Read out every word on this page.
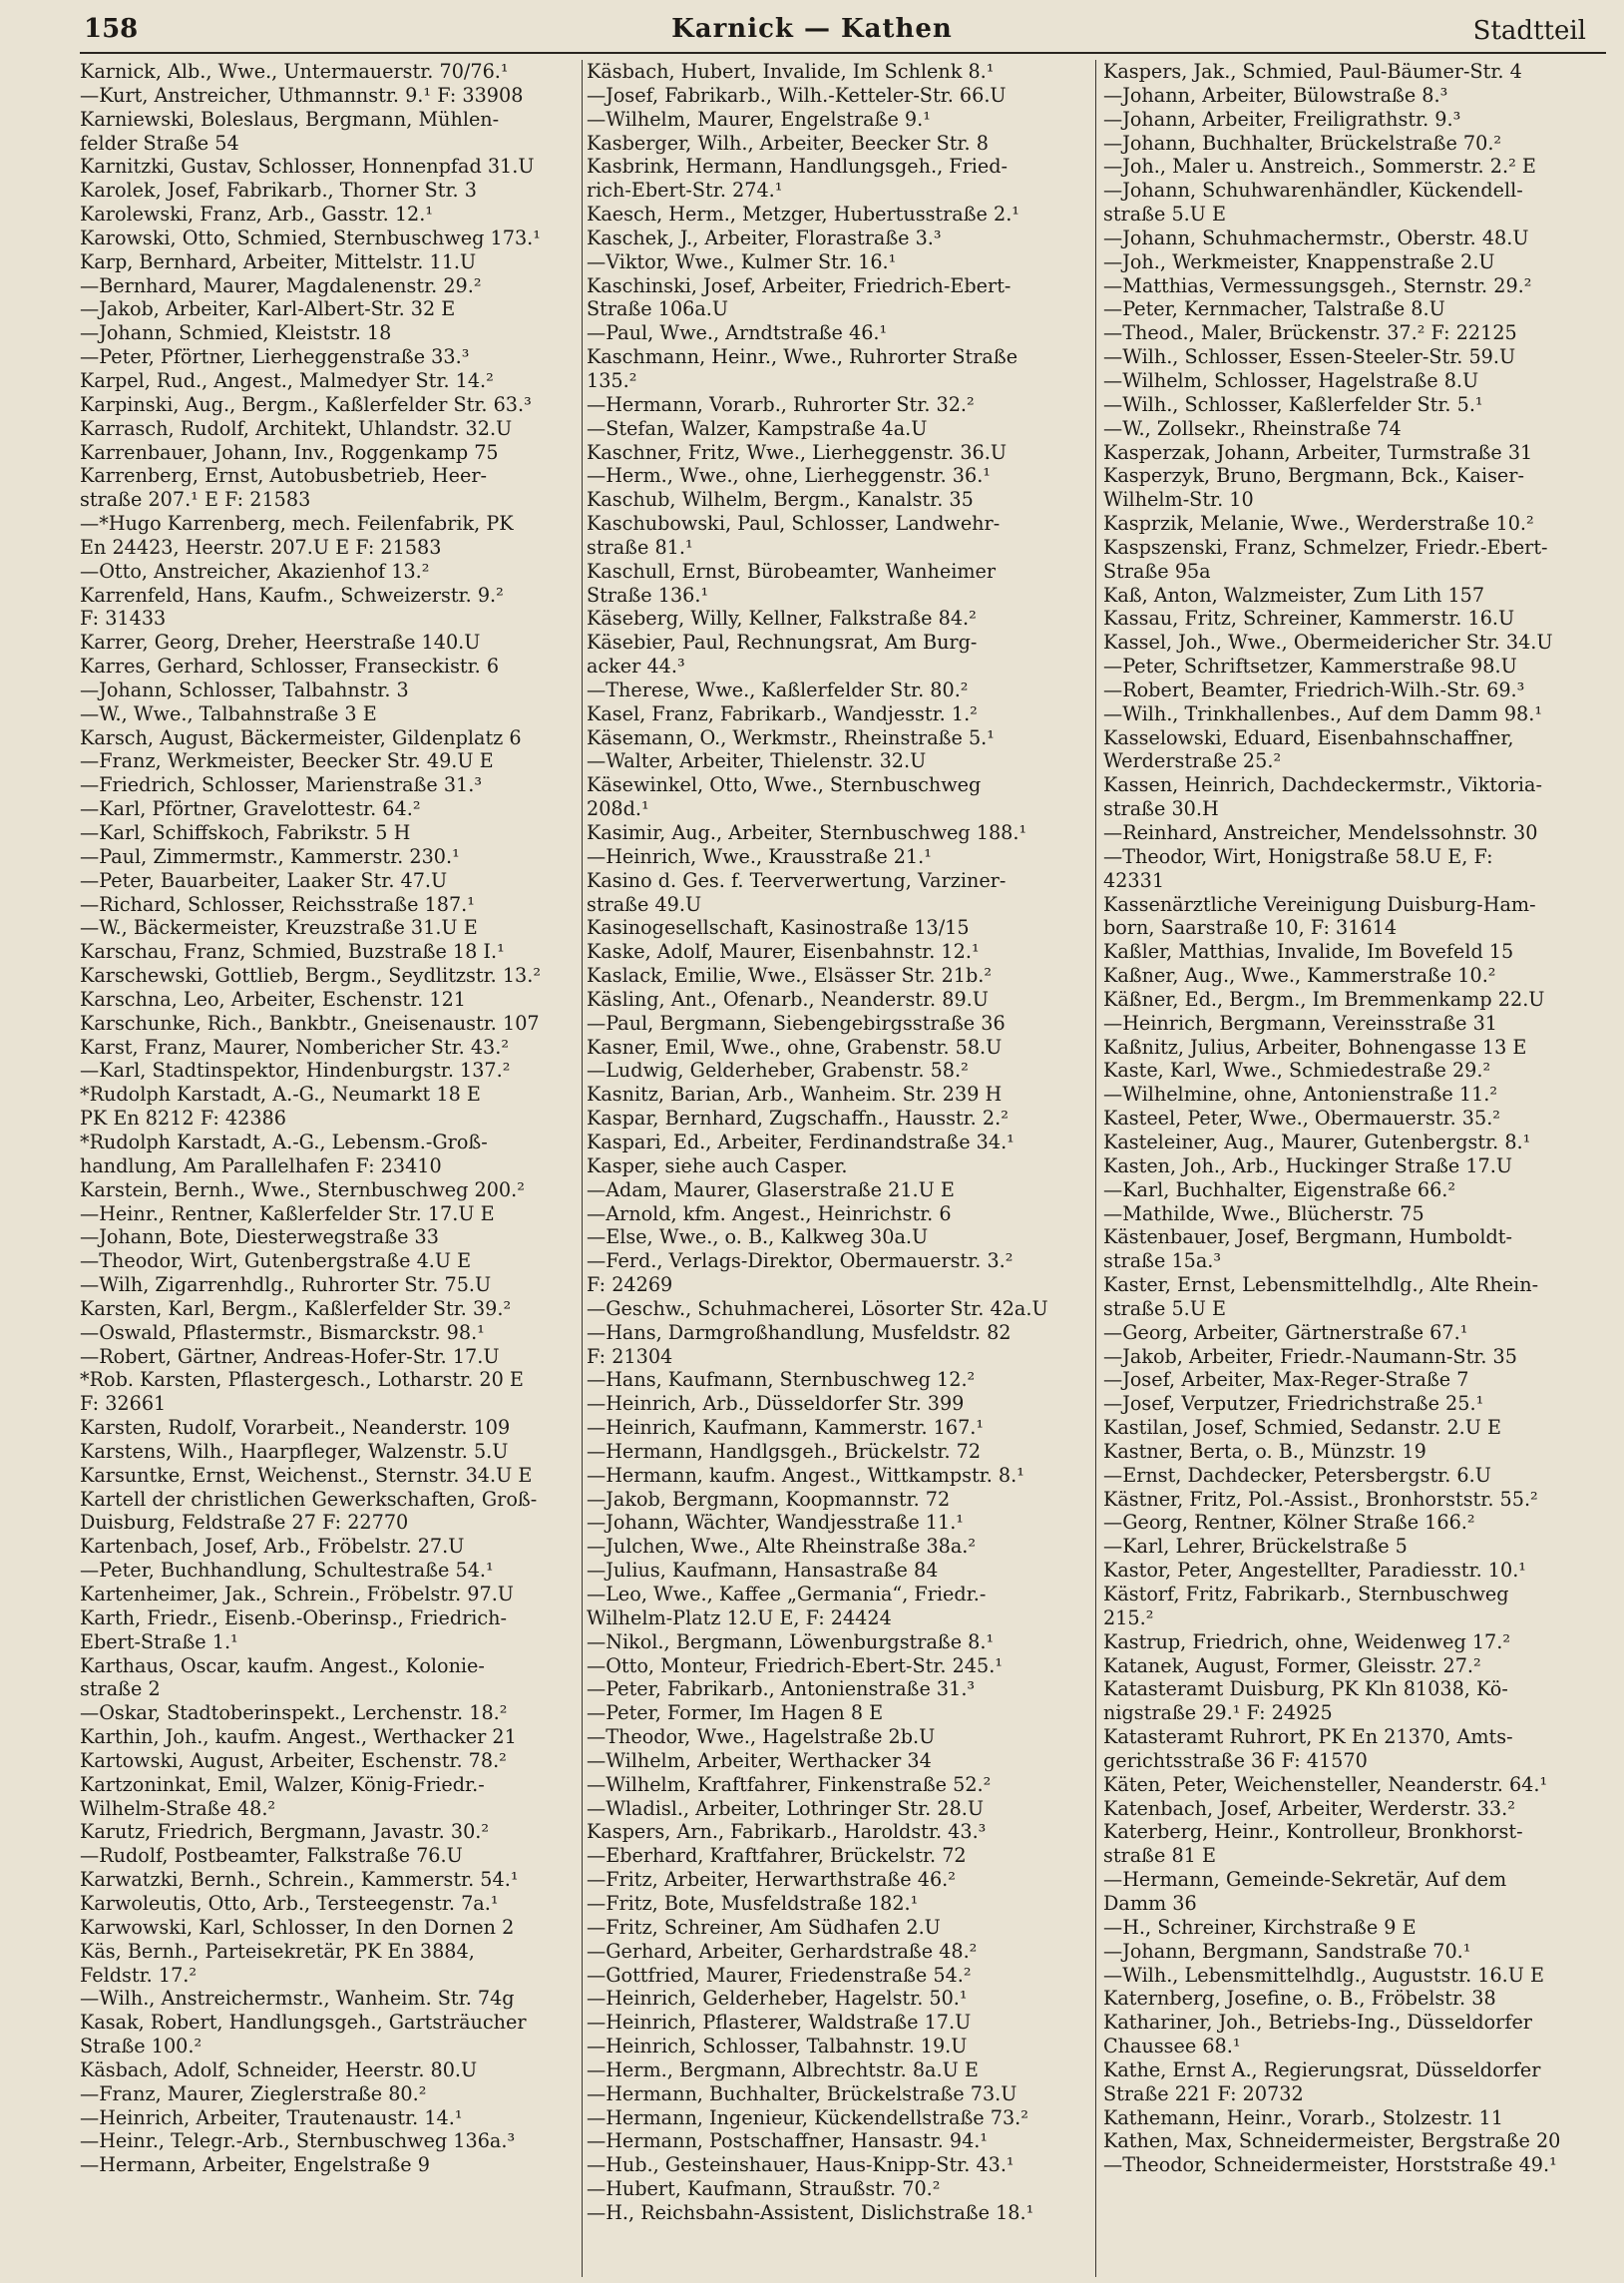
158	Karnick — Kathen	Stadtteil
Karnick, Alb., Wwe., Untermauerstr. 70/76.¹
—Kurt, Anstreicher, Uthmannstr. 9.¹ F: 33908
Karniewski, Boleslaus, Bergmann, Mühlen-
felder Straße 54
Karnitzki, Gustav, Schlosser, Honnenpfad 31.U
Karolek, Josef, Fabrikarb., Thorner Str. 3
Karolewski, Franz, Arb., Gasstr. 12.¹
Karowski, Otto, Schmied, Sternbuschweg 173.¹
Karp, Bernhard, Arbeiter, Mittelstr. 11.U
—Bernhard, Maurer, Magdalenenstr. 29.²
—Jakob, Arbeiter, Karl-Albert-Str. 32 E
—Johann, Schmied, Kleiststr. 18
—Peter, Pförtner, Lierheggenstraße 33.³
Karpel, Rud., Angest., Malmedyer Str. 14.²
Karpinski, Aug., Bergm., Kaßlerfelder Str. 63.³
Karrasch, Rudolf, Architekt, Uhlandstr. 32.U
Karrenbauer, Johann, Inv., Roggenkamp 75
Karrenberg, Ernst, Autobusbetrieb, Heer-
straße 207.¹ E F: 21583
—*Hugo Karrenberg, mech. Feilenfabrik, PK
En 24423, Heerstr. 207.U E F: 21583
—Otto, Anstreicher, Akazienhof 13.²
Karrenfeld, Hans, Kaufm., Schweizerstr. 9.²
F: 31433
Karrer, Georg, Dreher, Heerstraße 140.U
Karres, Gerhard, Schlosser, Franseckistr. 6
—Johann, Schlosser, Talbahnstr. 3
—W., Wwe., Talbahnstraße 3 E
Karsch, August, Bäckermeister, Gildenplatz 6
—Franz, Werkmeister, Beecker Str. 49.U E
—Friedrich, Schlosser, Marienstraße 31.³
—Karl, Pförtner, Gravelottestr. 64.²
—Karl, Schiffskoch, Fabrikstr. 5 H
—Paul, Zimmermstr., Kammerstr. 230.¹
—Peter, Bauarbeiter, Laaker Str. 47.U
—Richard, Schlosser, Reichsstraße 187.¹
—W., Bäckermeister, Kreuzstraße 31.U E
Karschau, Franz, Schmied, Buzstraße 18 I.¹
Karschewski, Gottlieb, Bergm., Seydlitzstr. 13.²
Karschna, Leo, Arbeiter, Eschenstr. 121
Karschunke, Rich., Bankbtr., Gneisenaustr. 107
Karst, Franz, Maurer, Nombericher Str. 43.²
—Karl, Stadtinspektor, Hindenburgstr. 137.²
*Rudolph Karstadt, A.-G., Neumarkt 18 E
PK En 8212 F: 42386
*Rudolph Karstadt, A.-G., Lebensm.-Groß-
handlung, Am Parallelhafen F: 23410
Karstein, Bernh., Wwe., Sternbuschweg 200.²
—Heinr., Rentner, Kaßlerfelder Str. 17.U E
—Johann, Bote, Diesterwegstraße 33
—Theodor, Wirt, Gutenbergstraße 4.U E
—Wilh, Zigarrenhdlg., Ruhrorter Str. 75.U
Karsten, Karl, Bergm., Kaßlerfelder Str. 39.²
—Oswald, Pflastermstr., Bismarckstr. 98.¹
—Robert, Gärtner, Andreas-Hofer-Str. 17.U
*Rob. Karsten, Pflastergesch., Lotharstr. 20 E
F: 32661
Karsten, Rudolf, Vorarbeit., Neanderstr. 109
Karstens, Wilh., Haarpfleger, Walzenstr. 5.U
Karsuntke, Ernst, Weichenst., Sternstr. 34.U E
Kartell der christlichen Gewerkschaften, Groß-
Duisburg, Feldstraße 27 F: 22770
Kartenbach, Josef, Arb., Fröbelstr. 27.U
—Peter, Buchhandlung, Schultestraße 54.¹
Kartenheimer, Jak., Schrein., Fröbelstr. 97.U
Karth, Friedr., Eisenb.-Oberinsp., Friedrich-
Ebert-Straße 1.¹
Karthaus, Oscar, kaufm. Angest., Kolonie-
straße 2
—Oskar, Stadtoberinspekt., Lerchenstr. 18.²
Karthin, Joh., kaufm. Angest., Werthacker 21
Kartowski, August, Arbeiter, Eschenstr. 78.²
Kartzoninkat, Emil, Walzer, König-Friedr.-
Wilhelm-Straße 48.²
Karutz, Friedrich, Bergmann, Javastr. 30.²
—Rudolf, Postbeamter, Falkstraße 76.U
Karwatzki, Bernh., Schrein., Kammerstr. 54.¹
Karwoleutis, Otto, Arb., Tersteegenstr. 7a.¹
Karwowski, Karl, Schlosser, In den Dornen 2
Käs, Bernh., Parteisekretär, PK En 3884,
Feldstr. 17.²
—Wilh., Anstreichermstr., Wanheim. Str. 74g
Kasak, Robert, Handlungsgeh., Gartsträucher
Straße 100.²
Käsbach, Adolf, Schneider, Heerstr. 80.U
—Franz, Maurer, Zieglerstraße 80.²
—Heinrich, Arbeiter, Trautenaustr. 14.¹
—Heinr., Telegr.-Arb., Sternbuschweg 136a.³
—Hermann, Arbeiter, Engelstraße 9
Käsbach, Hubert, Invalide, Im Schlenk 8.¹
—Josef, Fabrikarb., Wilh.-Ketteler-Str. 66.U
—Wilhelm, Maurer, Engelstraße 9.¹
Kasberger, Wilh., Arbeiter, Beecker Str. 8
Kasbrink, Hermann, Handlungsgeh., Fried-
rich-Ebert-Str. 274.¹
Kaesch, Herm., Metzger, Hubertusstraße 2.¹
Kaschek, J., Arbeiter, Florastraße 3.³
—Viktor, Wwe., Kulmer Str. 16.¹
Kaschinski, Josef, Arbeiter, Friedrich-Ebert-
Straße 106a.U
—Paul, Wwe., Arndtstraße 46.¹
Kaschmann, Heinr., Wwe., Ruhrorter Straße
135.²
—Hermann, Vorarb., Ruhrorter Str. 32.²
—Stefan, Walzer, Kampstraße 4a.U
Kaschner, Fritz, Wwe., Lierheggenstr. 36.U
—Herm., Wwe., ohne, Lierheggenstr. 36.¹
Kaschub, Wilhelm, Bergm., Kanalstr. 35
Kaschubowski, Paul, Schlosser, Landwehr-
straße 81.¹
Kaschull, Ernst, Bürobeamter, Wanheimer
Straße 136.¹
Käseberg, Willy, Kellner, Falkstraße 84.²
Käsebier, Paul, Rechnungsrat, Am Burg-
acker 44.³
—Therese, Wwe., Kaßlerfelder Str. 80.²
Kasel, Franz, Fabrikarb., Wandjesstr. 1.²
Käsemann, O., Werkmstr., Rheinstraße 5.¹
—Walter, Arbeiter, Thielenstr. 32.U
Käsewinkel, Otto, Wwe., Sternbuschweg
208d.¹
Kasimir, Aug., Arbeiter, Sternbuschweg 188.¹
—Heinrich, Wwe., Krausstraße 21.¹
Kasino d. Ges. f. Teerverwertung, Varziner-
straße 49.U
Kasinogesellschaft, Kasinostraße 13/15
Kaske, Adolf, Maurer, Eisenbahnstr. 12.¹
Kaslack, Emilie, Wwe., Elsässer Str. 21b.²
Käsling, Ant., Ofenarb., Neanderstr. 89.U
—Paul, Bergmann, Siebengebirgsstraße 36
Kasner, Emil, Wwe., ohne, Grabenstr. 58.U
—Ludwig, Gelderheber, Grabenstr. 58.²
Kasnitz, Barian, Arb., Wanheim. Str. 239 H
Kaspar, Bernhard, Zugschaffn., Hausstr. 2.²
Kaspari, Ed., Arbeiter, Ferdinandstraße 34.¹
Kasper, siehe auch Casper.
—Adam, Maurer, Glaserstraße 21.U E
—Arnold, kfm. Angest., Heinrichstr. 6
—Else, Wwe., o. B., Kalkweg 30a.U
—Ferd., Verlags-Direktor, Obermauerstr. 3.²
F: 24269
—Geschw., Schuhmacherei, Lösorter Str. 42a.U
—Hans, Darmgroßhandlung, Musfeldstr. 82
F: 21304
—Hans, Kaufmann, Sternbuschweg 12.²
—Heinrich, Arb., Düsseldorfer Str. 399
—Heinrich, Kaufmann, Kammerstr. 167.¹
—Hermann, Handlgsgeh., Brückelstr. 72
—Hermann, kaufm. Angest., Wittkampstr. 8.¹
—Jakob, Bergmann, Koopmannstr. 72
—Johann, Wächter, Wandjesstraße 11.¹
—Julchen, Wwe., Alte Rheinstraße 38a.²
—Julius, Kaufmann, Hansastraße 84
—Leo, Wwe., Kaffee „Germania“, Friedr.-
Wilhelm-Platz 12.U E, F: 24424
—Nikol., Bergmann, Löwenburgstraße 8.¹
—Otto, Monteur, Friedrich-Ebert-Str. 245.¹
—Peter, Fabrikarb., Antonienstraße 31.³
—Peter, Former, Im Hagen 8 E
—Theodor, Wwe., Hagelstraße 2b.U
—Wilhelm, Arbeiter, Werthacker 34
—Wilhelm, Kraftfahrer, Finkenstraße 52.²
—Wladisl., Arbeiter, Lothringer Str. 28.U
Kaspers, Arn., Fabrikarb., Haroldstr. 43.³
—Eberhard, Kraftfahrer, Brückelstr. 72
—Fritz, Arbeiter, Herwarthstraße 46.²
—Fritz, Bote, Musfeldstraße 182.¹
—Fritz, Schreiner, Am Südhafen 2.U
—Gerhard, Arbeiter, Gerhardstraße 48.²
—Gottfried, Maurer, Friedenstraße 54.²
—Heinrich, Gelderheber, Hagelstr. 50.¹
—Heinrich, Pflasterer, Waldstraße 17.U
—Heinrich, Schlosser, Talbahnstr. 19.U
—Herm., Bergmann, Albrechtstr. 8a.U E
—Hermann, Buchhalter, Brückelstraße 73.U
—Hermann, Ingenieur, Kückendellstraße 73.²
—Hermann, Postschaffner, Hansastr. 94.¹
—Hub., Gesteinshauer, Haus-Knipp-Str. 43.¹
—Hubert, Kaufmann, Straußstr. 70.²
—H., Reichsbahn-Assistent, Dislichstraße 18.¹
Kaspers, Jak., Schmied, Paul-Bäumer-Str. 4
—Johann, Arbeiter, Bülowstraße 8.³
—Johann, Arbeiter, Freiligrathstr. 9.³
—Johann, Buchhalter, Brückelstraße 70.²
—Joh., Maler u. Anstreich., Sommerstr. 2.² E
—Johann, Schuhwarenhändler, Kückendell-
straße 5.U E
—Johann, Schuhmachermstr., Oberstr. 48.U
—Joh., Werkmeister, Knappenstraße 2.U
—Matthias, Vermessungsgeh., Sternstr. 29.²
—Peter, Kernmacher, Talstraße 8.U
—Theod., Maler, Brückenstr. 37.² F: 22125
—Wilh., Schlosser, Essen-Steeler-Str. 59.U
—Wilhelm, Schlosser, Hagelstraße 8.U
—Wilh., Schlosser, Kaßlerfelder Str. 5.¹
—W., Zollsekr., Rheinstraße 74
Kasperzak, Johann, Arbeiter, Turmstraße 31
Kasperzyk, Bruno, Bergmann, Bck., Kaiser-
Wilhelm-Str. 10
Kasprzik, Melanie, Wwe., Werderstraße 10.²
Kaspszenski, Franz, Schmelzer, Friedr.-Ebert-
Straße 95a
Kaß, Anton, Walzmeister, Zum Lith 157
Kassau, Fritz, Schreiner, Kammerstr. 16.U
Kassel, Joh., Wwe., Obermeidericher Str. 34.U
—Peter, Schriftsetzer, Kammerstraße 98.U
—Robert, Beamter, Friedrich-Wilh.-Str. 69.³
—Wilh., Trinkhallenbes., Auf dem Damm 98.¹
Kasselowski, Eduard, Eisenbahnschaffner,
Werderstraße 25.²
Kassen, Heinrich, Dachdeckermstr., Viktoria-
straße 30.H
—Reinhard, Anstreicher, Mendelssohnstr. 30
—Theodor, Wirt, Honigstraße 58.U E, F:
42331
Kassenärztliche Vereinigung Duisburg-Ham-
born, Saarstraße 10, F: 31614
Kaßler, Matthias, Invalide, Im Bovefeld 15
Kaßner, Aug., Wwe., Kammerstraße 10.²
Käßner, Ed., Bergm., Im Bremmenkamp 22.U
—Heinrich, Bergmann, Vereinsstraße 31
Kaßnitz, Julius, Arbeiter, Bohnengasse 13 E
Kaste, Karl, Wwe., Schmiedestraße 29.²
—Wilhelmine, ohne, Antonienstraße 11.²
Kasteel, Peter, Wwe., Obermauerstr. 35.²
Kasteleiner, Aug., Maurer, Gutenbergstr. 8.¹
Kasten, Joh., Arb., Huckinger Straße 17.U
—Karl, Buchhalter, Eigenstraße 66.²
—Mathilde, Wwe., Blücherstr. 75
Kästenbauer, Josef, Bergmann, Humboldt-
straße 15a.³
Kaster, Ernst, Lebensmittelhdlg., Alte Rhein-
straße 5.U E
—Georg, Arbeiter, Gärtnerstraße 67.¹
—Jakob, Arbeiter, Friedr.-Naumann-Str. 35
—Josef, Arbeiter, Max-Reger-Straße 7
—Josef, Verputzer, Friedrichstraße 25.¹
Kastilan, Josef, Schmied, Sedanstr. 2.U E
Kastner, Berta, o. B., Münzstr. 19
—Ernst, Dachdecker, Petersbergstr. 6.U
Kästner, Fritz, Pol.-Assist., Bronhorststr. 55.²
—Georg, Rentner, Kölner Straße 166.²
—Karl, Lehrer, Brückelstraße 5
Kastor, Peter, Angestellter, Paradiesstr. 10.¹
Kästorf, Fritz, Fabrikarb., Sternbuschweg
215.²
Kastrup, Friedrich, ohne, Weidenweg 17.²
Katanek, August, Former, Gleisstr. 27.²
Katasteramt Duisburg, PK Kln 81038, Kö-
nigstraße 29.¹ F: 24925
Katasteramt Ruhrort, PK En 21370, Amts-
gerichtsstraße 36 F: 41570
Käten, Peter, Weichensteller, Neanderstr. 64.¹
Katenbach, Josef, Arbeiter, Werderstr. 33.²
Katerberg, Heinr., Kontrolleur, Bronkhorst-
straße 81 E
—Hermann, Gemeinde-Sekretär, Auf dem
Damm 36
—H., Schreiner, Kirchstraße 9 E
—Johann, Bergmann, Sandstraße 70.¹
—Wilh., Lebensmittelhdlg., Auguststr. 16.U E
Katernberg, Josefine, o. B., Fröbelstr. 38
Kathariner, Joh., Betriebs-Ing., Düsseldorfer
Chaussee 68.¹
Kathe, Ernst A., Regierungsrat, Düsseldorfer
Straße 221 F: 20732
Kathemann, Heinr., Vorarb., Stolzestr. 11
Kathen, Max, Schneidermeister, Bergstraße 20
—Theodor, Schneidermeister, Horststraße 49.¹
